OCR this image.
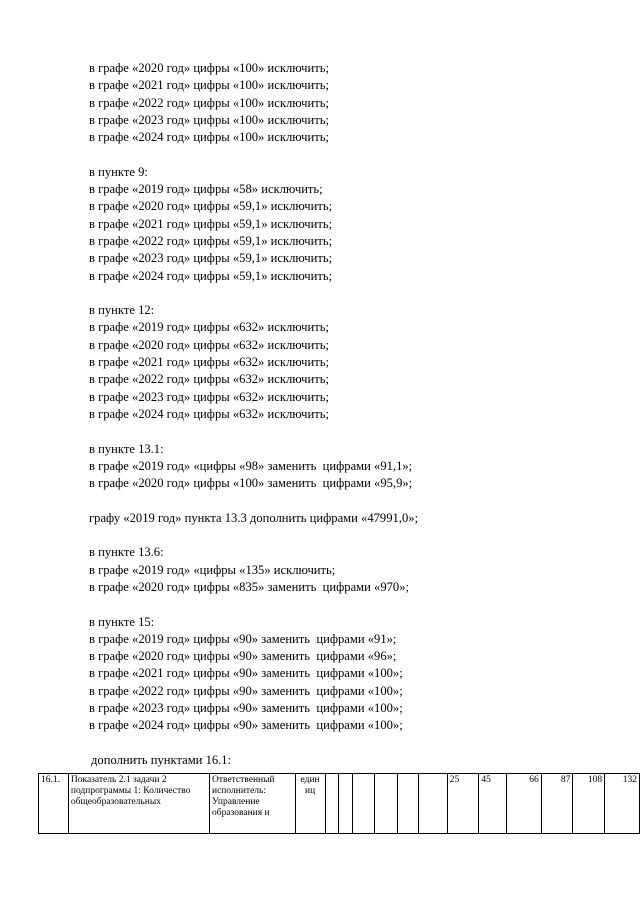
в графе «2020 год» цифры «100» исключить;
в графе «2021 год» цифры «100» исключить;
в графе «2022 год» цифры «100» исключить;
в графе «2023 год» цифры «100» исключить;
в графе «2024 год» цифры «100» исключить;
в пункте 9:
в графе «2019 год» цифры «58» исключить;
в графе «2020 год» цифры «59,1» исключить;
в графе «2021 год» цифры «59,1» исключить;
в графе «2022 год» цифры «59,1» исключить;
в графе «2023 год» цифры «59,1» исключить;
в графе «2024 год» цифры «59,1» исключить;
в пункте 12:
в графе «2019 год» цифры «632» исключить;
в графе «2020 год» цифры «632» исключить;
в графе «2021 год» цифры «632» исключить;
в графе «2022 год» цифры «632» исключить;
в графе «2023 год» цифры «632» исключить;
в графе «2024 год» цифры «632» исключить;
в пункте 13.1:
в графе «2019 год» «цифры «98» заменить  цифрами «91,1»;
в графе «2020 год» цифры «100» заменить  цифрами «95,9»;
графу «2019 год» пункта 13.3 дополнить цифрами «47991,0»;
в пункте 13.6:
в графе «2019 год» «цифры «135» исключить;
в графе «2020 год» цифры «835» заменить  цифрами «970»;
в пункте 15:
в графе «2019 год» цифры «90» заменить  цифрами «91»;
в графе «2020 год» цифры «90» заменить  цифрами «96»;
в графе «2021 год» цифры «90» заменить  цифрами «100»;
в графе «2022 год» цифры «90» заменить  цифрами «100»;
в графе «2023 год» цифры «90» заменить  цифрами «100»;
в графе «2024 год» цифры «90» заменить  цифрами «100»;
дополнить пунктами 16.1:
16.1.	Показатель 2.1 задачи 2 подпрограммы 1: Количество общеобразовательных	Ответственный исполнитель: Управление образования и	един иц							25	45	66	87	108	132
